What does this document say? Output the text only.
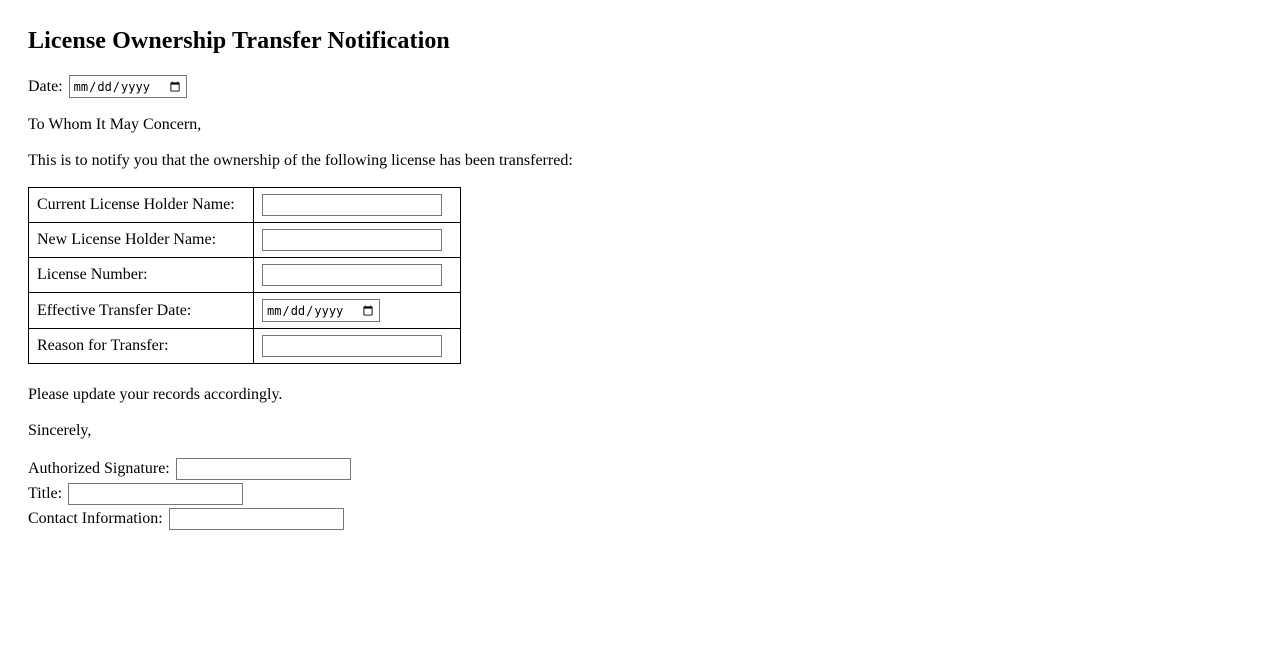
License Ownership Transfer Notification
Date:

To Whom It May Concern,

This is to notify you that the ownership of the following license has been transferred:

Current License Holder Name:	
New License Holder Name:	
License Number:	
Effective Transfer Date:	
Reason for Transfer:	

Please update your records accordingly.

Sincerely,

Authorized Signature:
Title:
Contact Information:
